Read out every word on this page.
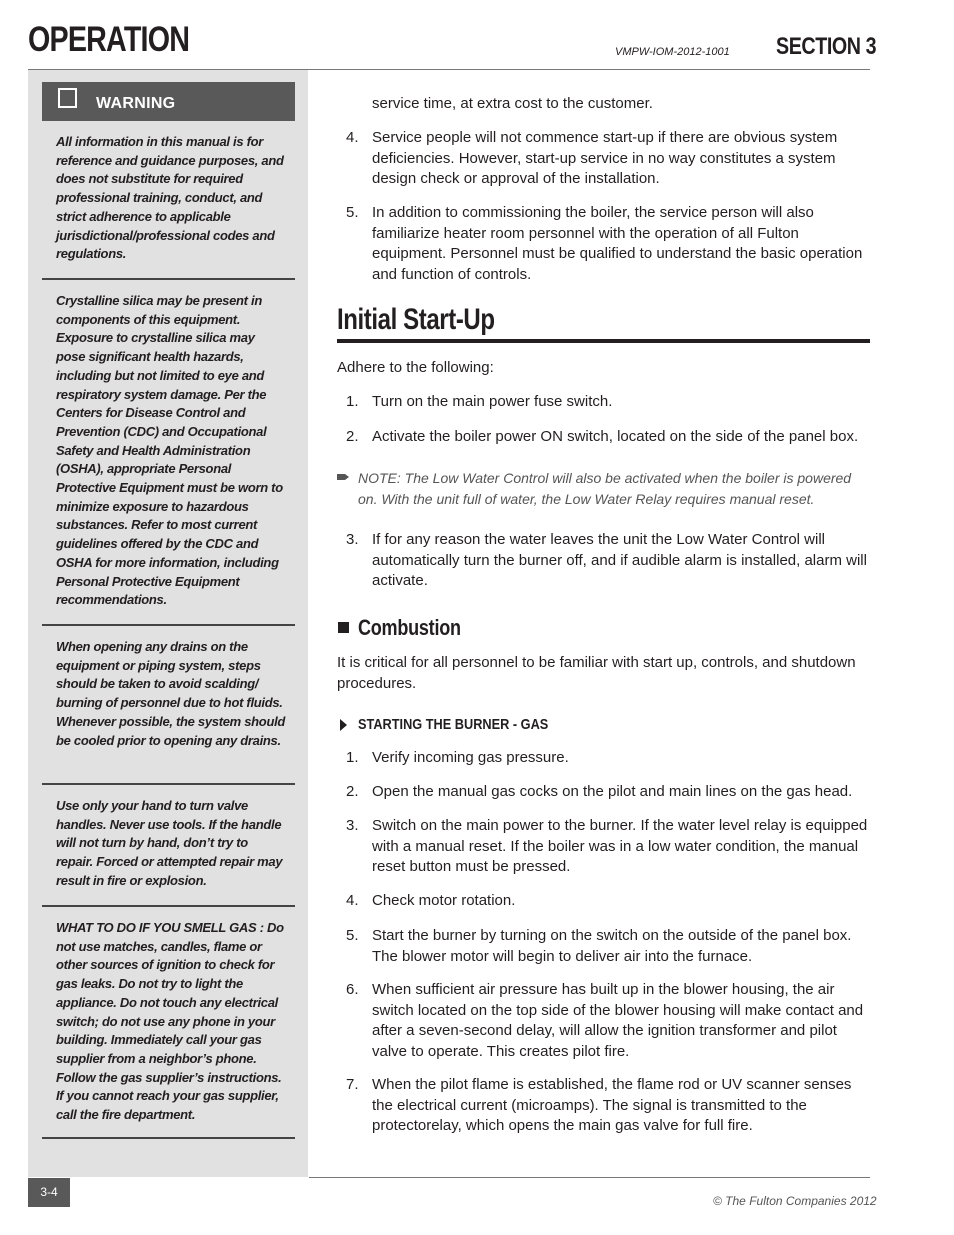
OPERATION	VMPW-IOM-2012-1001 SECTION 3
WARNING
All information in this manual is for reference and guidance purposes, and does not substitute for required professional training, conduct, and strict adherence to applicable jurisdictional/professional codes and regulations.
Crystalline silica may be present in components of this equipment. Exposure to crystalline silica may pose significant health hazards, including but not limited to eye and respiratory system damage. Per the Centers for Disease Control and Prevention (CDC) and Occupational Safety and Health Administration (OSHA), appropriate Personal Protective Equipment must be worn to minimize exposure to hazardous substances. Refer to most current guidelines offered by the CDC and OSHA for more information, including Personal Protective Equipment recommendations.
When opening any drains on the equipment or piping system, steps should be taken to avoid scalding/ burning of personnel due to hot fluids. Whenever possible, the system should be cooled prior to opening any drains.
Use only your hand to turn valve handles. Never use tools. If the handle will not turn by hand, don’t try to repair. Forced or attempted repair may result in fire or explosion.
WHAT TO DO IF YOU SMELL GAS : Do not use matches, candles, flame or other sources of ignition to check for gas leaks. Do not try to light the appliance. Do not touch any electrical switch; do not use any phone in your building. Immediately call your gas supplier from a neighbor’s phone. Follow the gas supplier’s instructions. If you cannot reach your gas supplier, call the fire department.
service time, at extra cost to the customer.
4. Service people will not commence start-up if there are obvious system deficiencies. However, start-up service in no way constitutes a system design check or approval of the installation.
5. In addition to commissioning the boiler, the service person will also familiarize heater room personnel with the operation of all Fulton equipment. Personnel must be qualified to understand the basic operation and function of controls.
Initial Start-Up
Adhere to the following:
1. Turn on the main power fuse switch.
2. Activate the boiler power ON switch, located on the side of the panel box.
NOTE: The Low Water Control will also be activated when the boiler is powered on. With the unit full of water, the Low Water Relay requires manual reset.
3. If for any reason the water leaves the unit the Low Water Control will automatically turn the burner off, and if audible alarm is installed, alarm will activate.
Combustion
It is critical for all personnel to be familiar with start up, controls, and shutdown procedures.
STARTING THE BURNER - GAS
1. Verify incoming gas pressure.
2. Open the manual gas cocks on the pilot and main lines on the gas head.
3. Switch on the main power to the burner. If the water level relay is equipped with a manual reset. If the boiler was in a low water condition, the manual reset button must be pressed.
4. Check motor rotation.
5. Start the burner by turning on the switch on the outside of the panel box. The blower motor will begin to deliver air into the furnace.
6. When sufficient air pressure has built up in the blower housing, the air switch located on the top side of the blower housing will make contact and after a seven-second delay, will allow the ignition transformer and pilot valve to operate. This creates pilot fire.
7. When the pilot flame is established, the flame rod or UV scanner senses the electrical current (microamps). The signal is transmitted to the protectorelay, which opens the main gas valve for full fire.
3-4
© The Fulton Companies 2012
